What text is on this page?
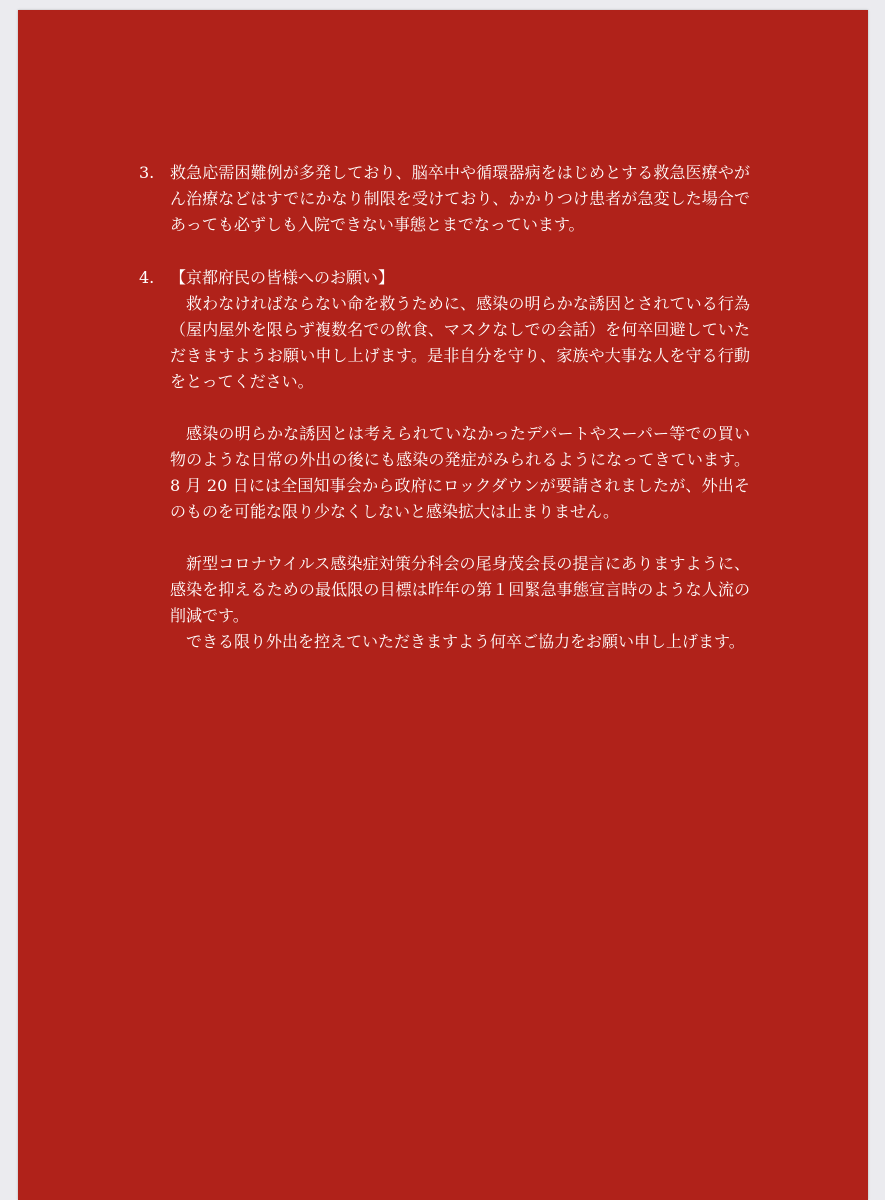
3. 救急応需困難例が多発しており、脳卒中や循環器病をはじめとする救急医療やがん治療などはすでにかなり制限を受けており、かかりつけ患者が急変した場合であっても必ずしも入院できない事態とまでなっています。

4. 【京都府民の皆様へのお願い】

救わなければならない命を救うために、感染の明らかな誘因とされている行為（屋内屋外を限らず複数名での飲食、マスクなしでの会話）を何卒回避していただきますようお願い申し上げます。是非自分を守り、家族や大事な人を守る行動をとってください。

感染の明らかな誘因とは考えられていなかったデパートやスーパー等での買い物のような日常の外出の後にも感染の発症がみられるようになってきています。8 月 20 日には全国知事会から政府にロックダウンが要請されましたが、外出そのものを可能な限り少なくしないと感染拡大は止まりません。

新型コロナウイルス感染症対策分科会の尾身茂会長の提言にありますように、感染を抑えるための最低限の目標は昨年の第１回緊急事態宣言時のような人流の削減です。

できる限り外出を控えていただきますよう何卒ご協力をお願い申し上げます。
